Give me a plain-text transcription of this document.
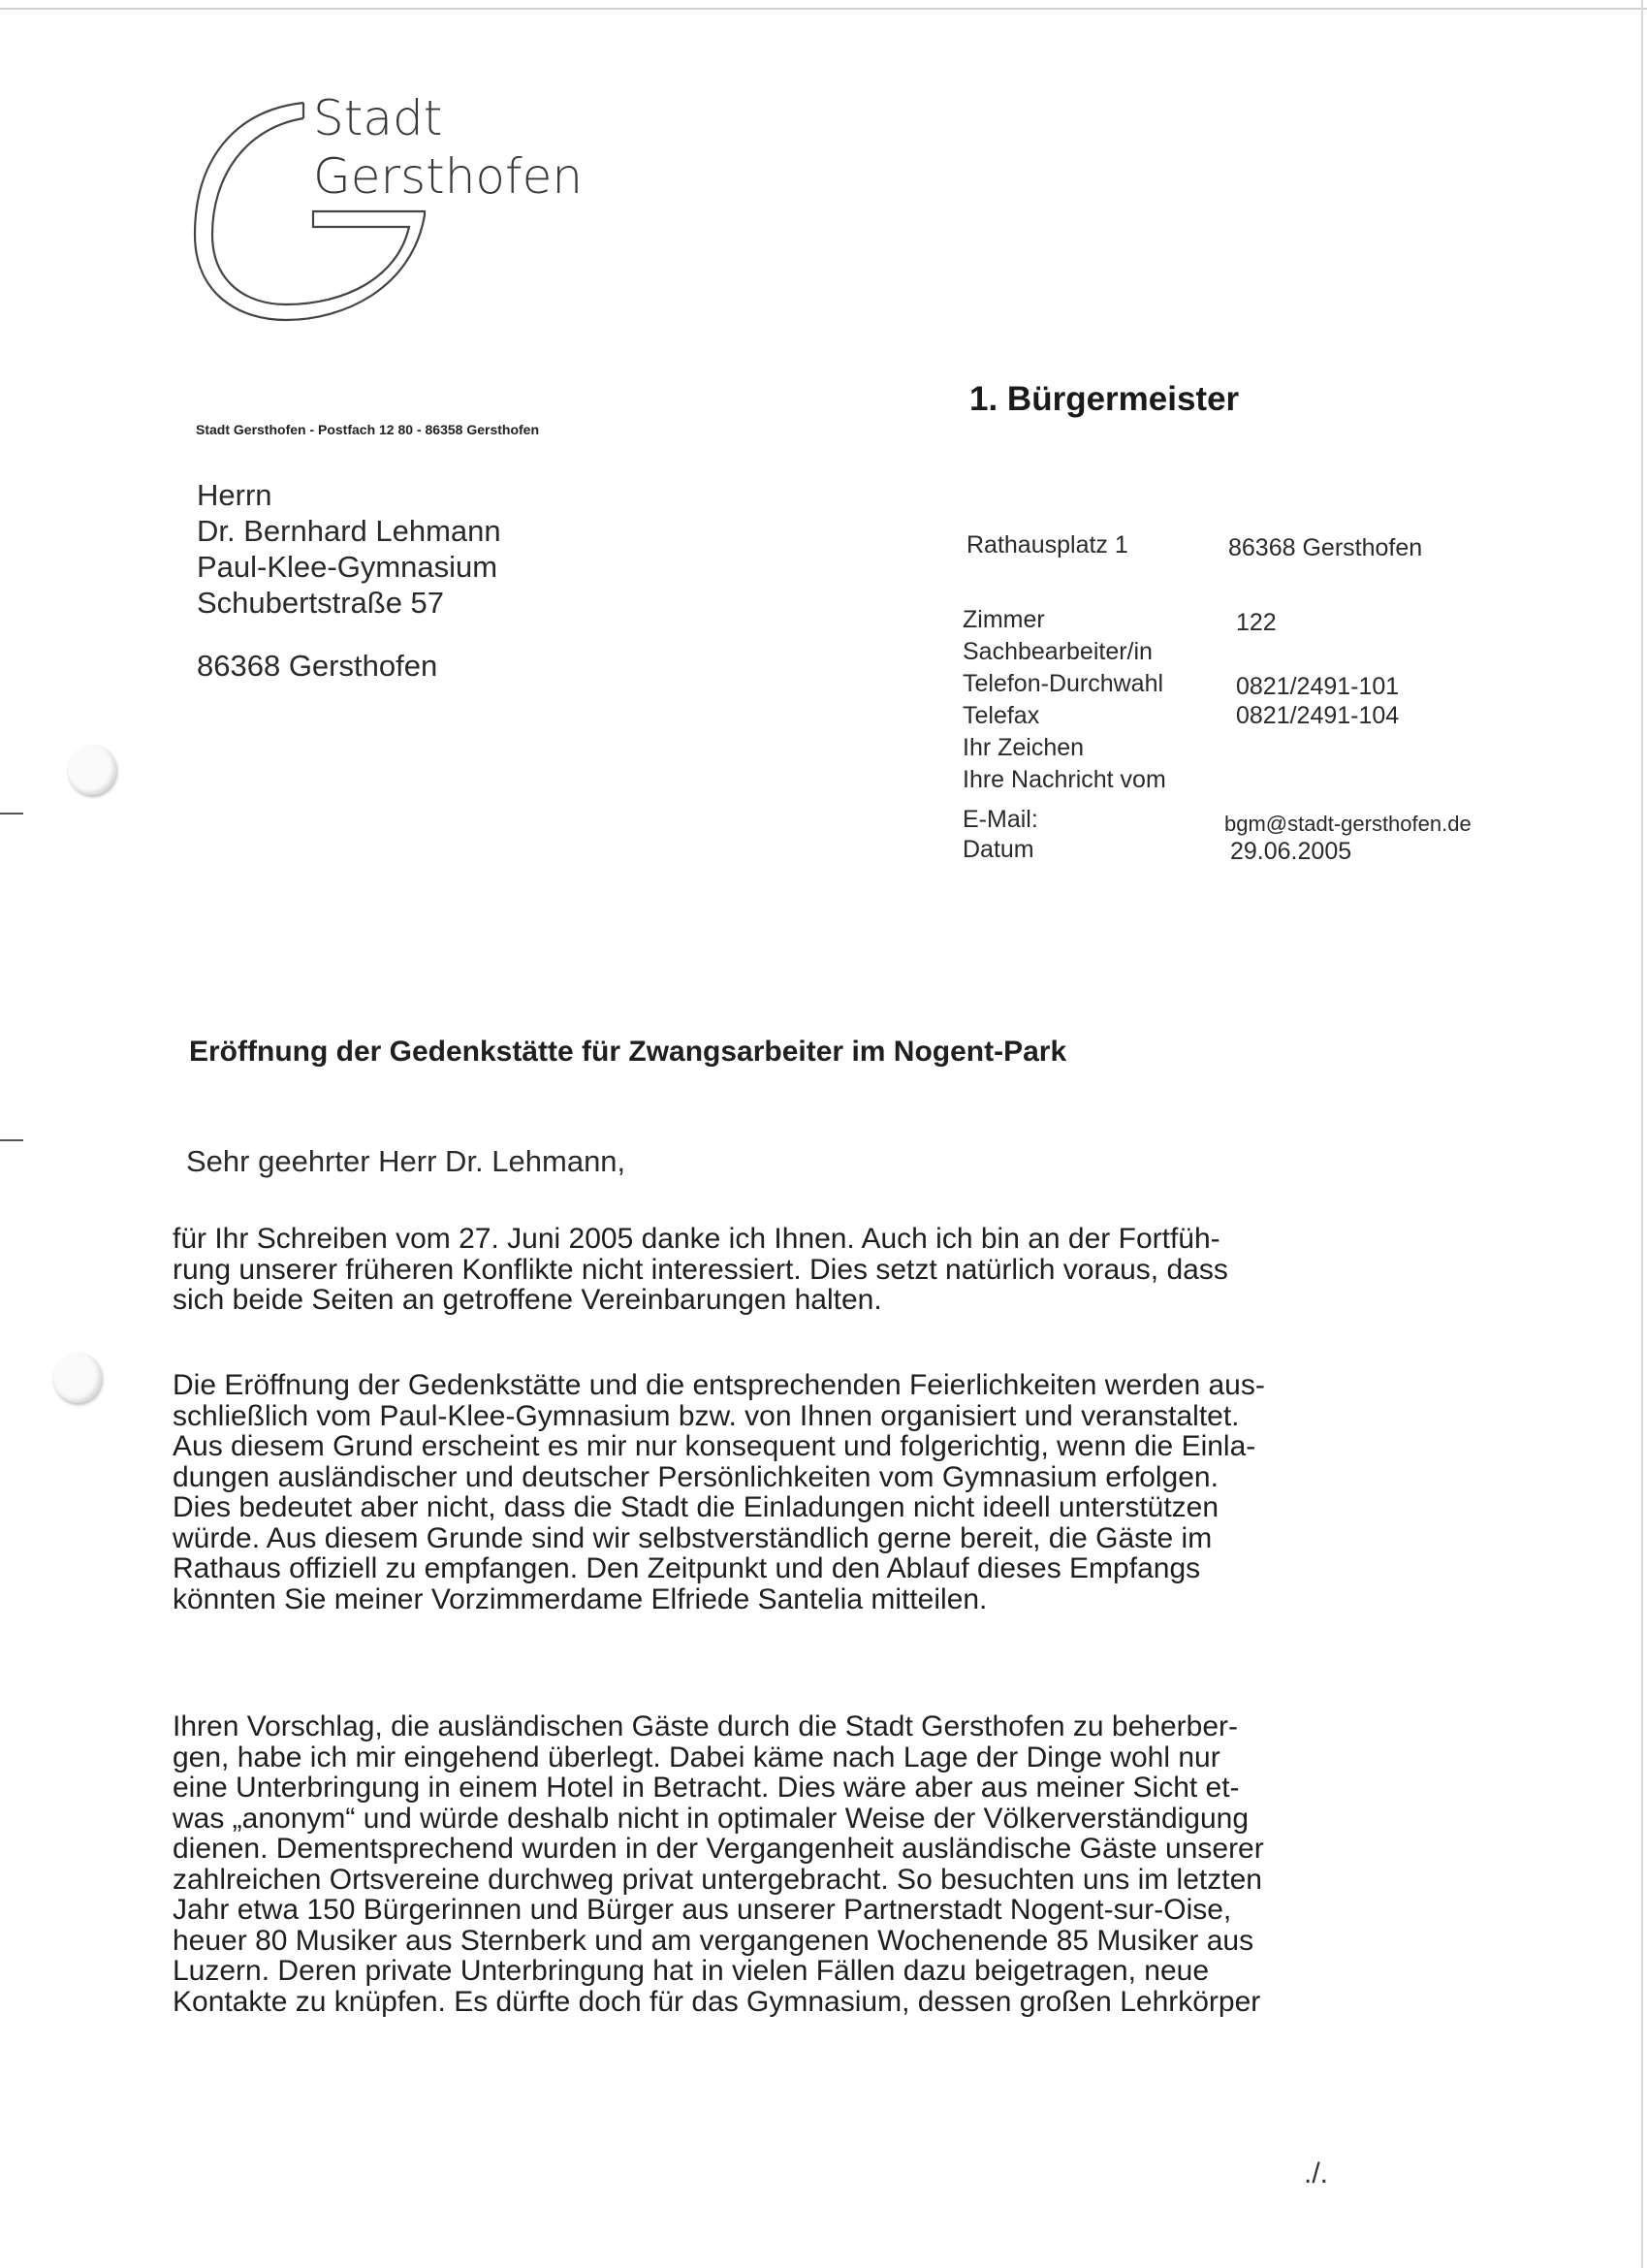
Stadt
Gersthofen
Stadt Gersthofen - Postfach 12 80 - 86358 Gersthofen
1. Bürgermeister
Herrn
Dr. Bernhard Lehmann
Paul-Klee-Gymnasium
Schubertstraße 57
86368 Gersthofen
Rathausplatz 1	86368 Gersthofen
Zimmer	122
Sachbearbeiter/in
Telefon-Durchwahl	0821/2491-101
Telefax	0821/2491-104
Ihr Zeichen
Ihre Nachricht vom
E-Mail:	bgm@stadt-gersthofen.de
Datum	29.06.2005
Eröffnung der Gedenkstätte für Zwangsarbeiter im Nogent-Park
Sehr geehrter Herr Dr. Lehmann,
für Ihr Schreiben vom 27. Juni 2005 danke ich Ihnen. Auch ich bin an der Fortfüh-
rung unserer früheren Konflikte nicht interessiert. Dies setzt natürlich voraus, dass
sich beide Seiten an getroffene Vereinbarungen halten.
Die Eröffnung der Gedenkstätte und die entsprechenden Feierlichkeiten werden aus-
schließlich vom Paul-Klee-Gymnasium bzw. von Ihnen organisiert und veranstaltet.
Aus diesem Grund erscheint es mir nur konsequent und folgerichtig, wenn die Einla-
dungen ausländischer und deutscher Persönlichkeiten vom Gymnasium erfolgen.
Dies bedeutet aber nicht, dass die Stadt die Einladungen nicht ideell unterstützen
würde. Aus diesem Grunde sind wir selbstverständlich gerne bereit, die Gäste im
Rathaus offiziell zu empfangen. Den Zeitpunkt und den Ablauf dieses Empfangs
könnten Sie meiner Vorzimmerdame Elfriede Santelia mitteilen.
Ihren Vorschlag, die ausländischen Gäste durch die Stadt Gersthofen zu beherber-
gen, habe ich mir eingehend überlegt. Dabei käme nach Lage der Dinge wohl nur
eine Unterbringung in einem Hotel in Betracht. Dies wäre aber aus meiner Sicht et-
was „anonym“ und würde deshalb nicht in optimaler Weise der Völkerverständigung
dienen. Dementsprechend wurden in der Vergangenheit ausländische Gäste unserer
zahlreichen Ortsvereine durchweg privat untergebracht. So besuchten uns im letzten
Jahr etwa 150 Bürgerinnen und Bürger aus unserer Partnerstadt Nogent-sur-Oise,
heuer 80 Musiker aus Sternberk und am vergangenen Wochenende 85 Musiker aus
Luzern. Deren private Unterbringung hat in vielen Fällen dazu beigetragen, neue
Kontakte zu knüpfen. Es dürfte doch für das Gymnasium, dessen großen Lehrkörper
./.
